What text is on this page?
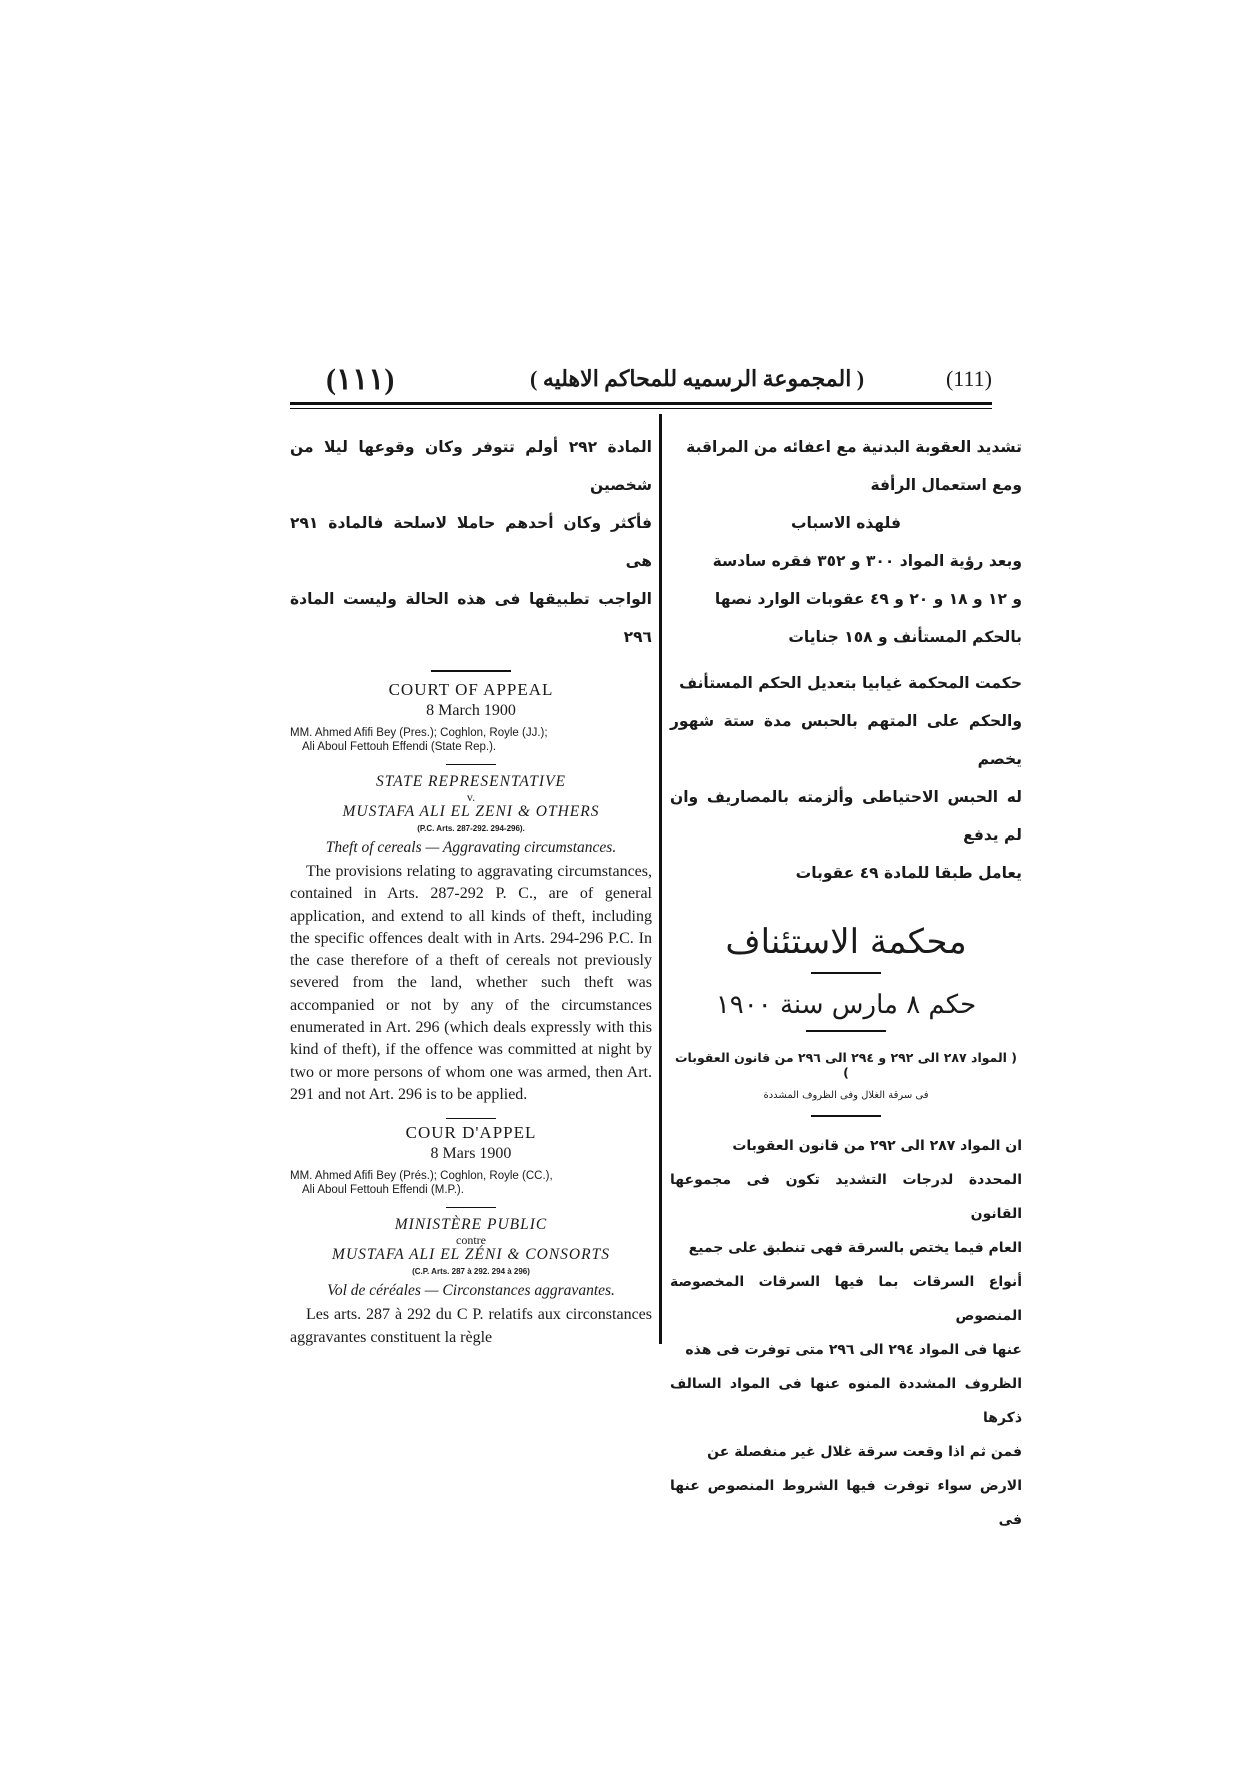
(١١١)	( المجموعة الرسميه للمحاكم الاهليه )	(111)
المادة ٢٩٢ أولم تتوفر وكان وقوعها ليلا من شخصين
فأكثر وكان أحدهم حاملا لاسلحة فالمادة ٢٩١ هى
الواجب تطبيقها فى هذه الحالة وليست المادة ٢٩٦
COURT OF APPEAL
8 March 1900
MM. Ahmed Afifi Bey (Pres.); Coghlon, Royle (JJ.);
Ali Aboul Fettouh Effendi (State Rep.).
STATE REPRESENTATIVE
v.
MUSTAFA ALI EL ZENI & OTHERS
(P.C. Arts. 287-292. 294-296).
Theft of cereals — Aggravating circumstances.
The provisions relating to aggravating circumstances, contained in Arts. 287-292 P. C., are of general application, and extend to all kinds of theft, including the specific offences dealt with in Arts. 294-296 P.C. In the case therefore of a theft of cereals not previously severed from the land, whether such theft was accompanied or not by any of the circumstances enumerated in Art. 296 (which deals expressly with this kind of theft), if the offence was committed at night by two or more persons of whom one was armed, then Art. 291 and not Art. 296 is to be applied.
COUR D'APPEL
8 Mars 1900
MM. Ahmed Afifi Bey (Prés.); Coghlon, Royle (CC.),
Ali Aboul Fettouh Effendi (M.P.).
MINISTÈRE PUBLIC
contre
MUSTAFA ALI EL ZÉNI & CONSORTS
(C.P. Arts. 287 à 292. 294 à 296)
Vol de céréales — Circonstances aggravantes.
Les arts. 287 à 292 du C P. relatifs aux circonstances aggravantes constituent la règle
تشديد العقوبة البدنية مع اعفائه من المراقبة
ومع استعمال الرأفة
فلهذه الاسباب
وبعد رؤية المواد ٣٠٠ و ٣٥٢ فقره سادسة
و ١٢ و ١٨ و ٢٠ و ٤٩ عقوبات الوارد نصها
بالحكم المستأنف و ١٥٨ جنايات
حكمت المحكمة غيابيا بتعديل الحكم المستأنف
والحكم على المتهم بالحبس مدة ستة شهور يخصم
له الحبس الاحتياطى وألزمته بالمصاريف وان لم يدفع
يعامل طبقا للمادة ٤٩ عقوبات
محكمة الاستئناف
حكم ٨ مارس سنة ١٩٠٠
( المواد ٢٨٧ الى ٢٩٢ و ٢٩٤ الى ٢٩٦ من قانون العقوبات )
فى سرقة الغلال وفى الظروف المشددة
ان المواد ٢٨٧ الى ٢٩٢ من قانون العقوبات
المحددة لدرجات التشديد تكون فى مجموعها القانون
العام فيما يختص بالسرقة فهى تنطبق على جميع
أنواع السرقات بما فيها السرقات المخصوصة المنصوص
عنها فى المواد ٢٩٤ الى ٢٩٦ متى توفرت فى هذه
الظروف المشددة المنوه عنها فى المواد السالف ذكرها
فمن ثم اذا وقعت سرقة غلال غير منفصلة عن
الارض سواء توفرت فيها الشروط المنصوص عنها فى
